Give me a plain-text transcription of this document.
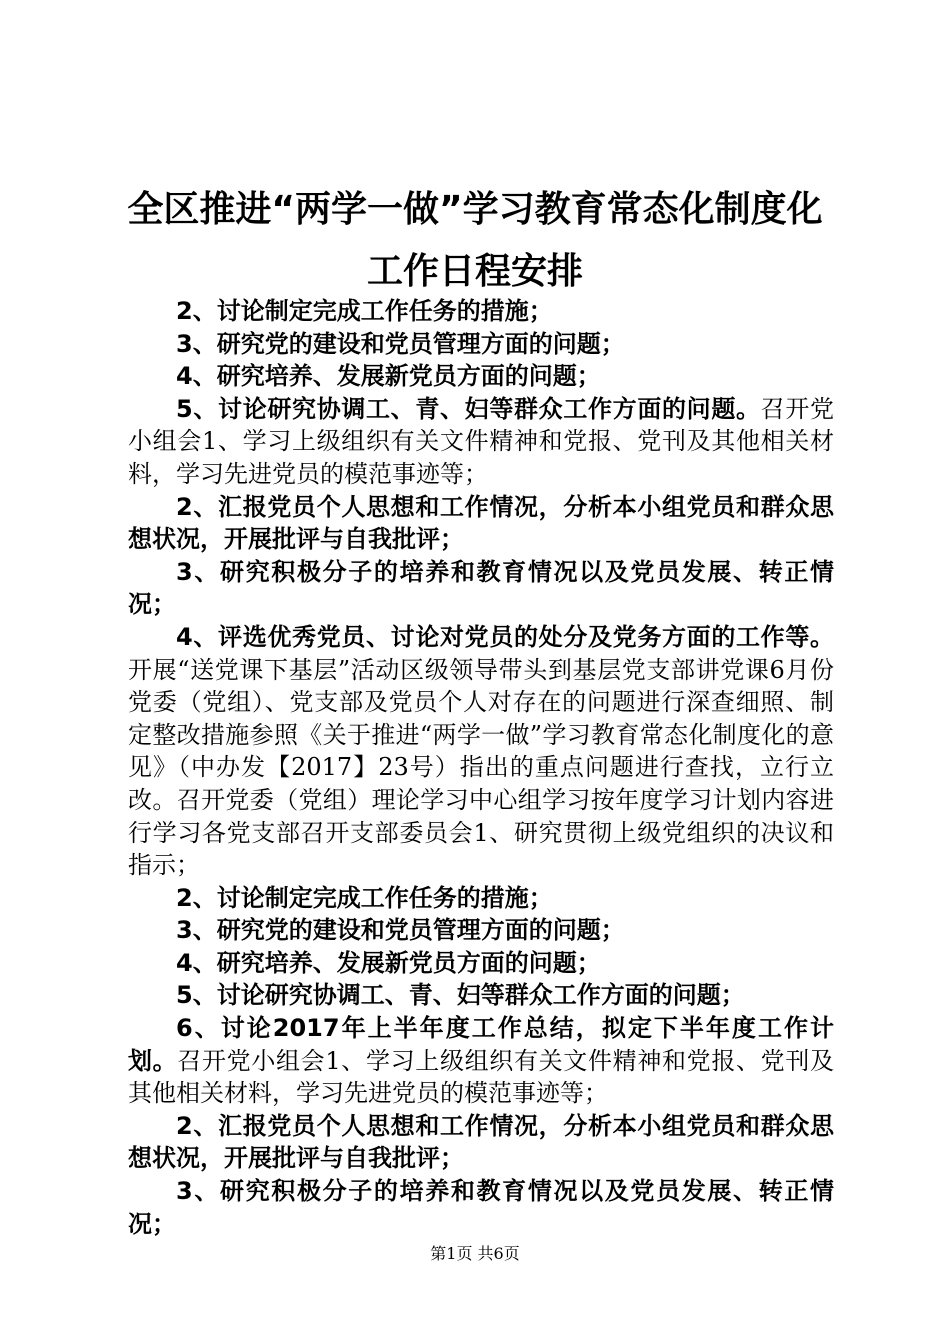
全区推进“两学一做”学习教育常态化制度化
工作日程安排

2、讨论制定完成工作任务的措施；

3、研究党的建设和党员管理方面的问题；

4、研究培养、发展新党员方面的问题；

5、讨论研究协调工、青、妇等群众工作方面的问题。召开党小组会1、学习上级组织有关文件精神和党报、党刊及其他相关材料，学习先进党员的模范事迹等；

2、汇报党员个人思想和工作情况，分析本小组党员和群众思想状况，开展批评与自我批评；

3、研究积极分子的培养和教育情况以及党员发展、转正情况；

4、评选优秀党员、讨论对党员的处分及党务方面的工作等。开展“送党课下基层”活动区级领导带头到基层党支部讲党课6月份党委（党组）、党支部及党员个人对存在的问题进行深查细照、制定整改措施参照《关于推进“两学一做”学习教育常态化制度化的意见》（中办发【2017】23号）指出的重点问题进行查找，立行立改。召开党委（党组）理论学习中心组学习按年度学习计划内容进行学习各党支部召开支部委员会1、研究贯彻上级党组织的决议和指示；

2、讨论制定完成工作任务的措施；

3、研究党的建设和党员管理方面的问题；

4、研究培养、发展新党员方面的问题；

5、讨论研究协调工、青、妇等群众工作方面的问题；

6、讨论2017年上半年度工作总结，拟定下半年度工作计划。召开党小组会1、学习上级组织有关文件精神和党报、党刊及其他相关材料，学习先进党员的模范事迹等；

2、汇报党员个人思想和工作情况，分析本小组党员和群众思想状况，开展批评与自我批评；

3、研究积极分子的培养和教育情况以及党员发展、转正情况；

第1页 共6页
